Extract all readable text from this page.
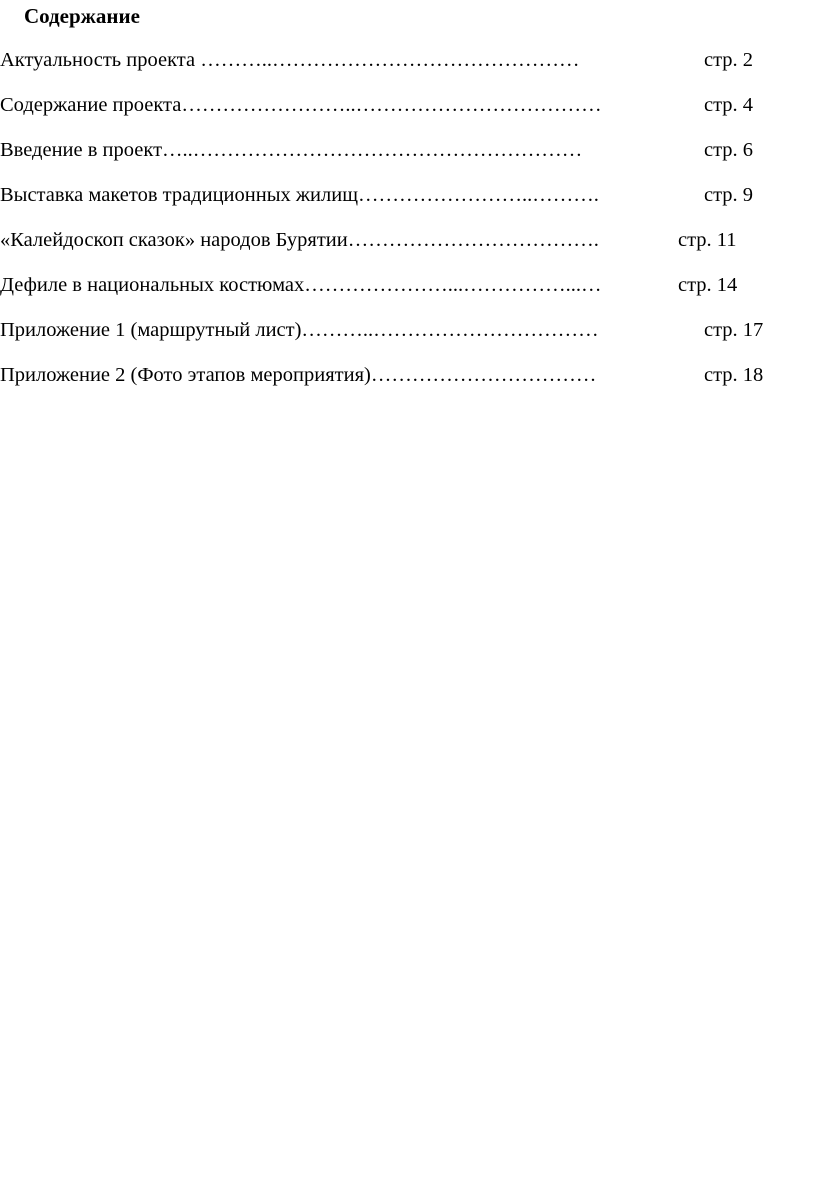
Содержание
Актуальность проекта ………..………………………………………	стр. 2
Содержание проекта……………………..………………………………	стр. 4
Введение в проект…..…………………………………………………	стр. 6
Выставка макетов традиционных жилищ……………………..……….	стр. 9
«Калейдоскоп сказок» народов Бурятии……………………………….	стр. 11
Дефиле в национальных костюмах…………………...……………...…	стр. 14
Приложение 1 (маршрутный лист)………..……………………………	стр. 17
Приложение 2 (Фото этапов мероприятия)……………………………	стр. 18
